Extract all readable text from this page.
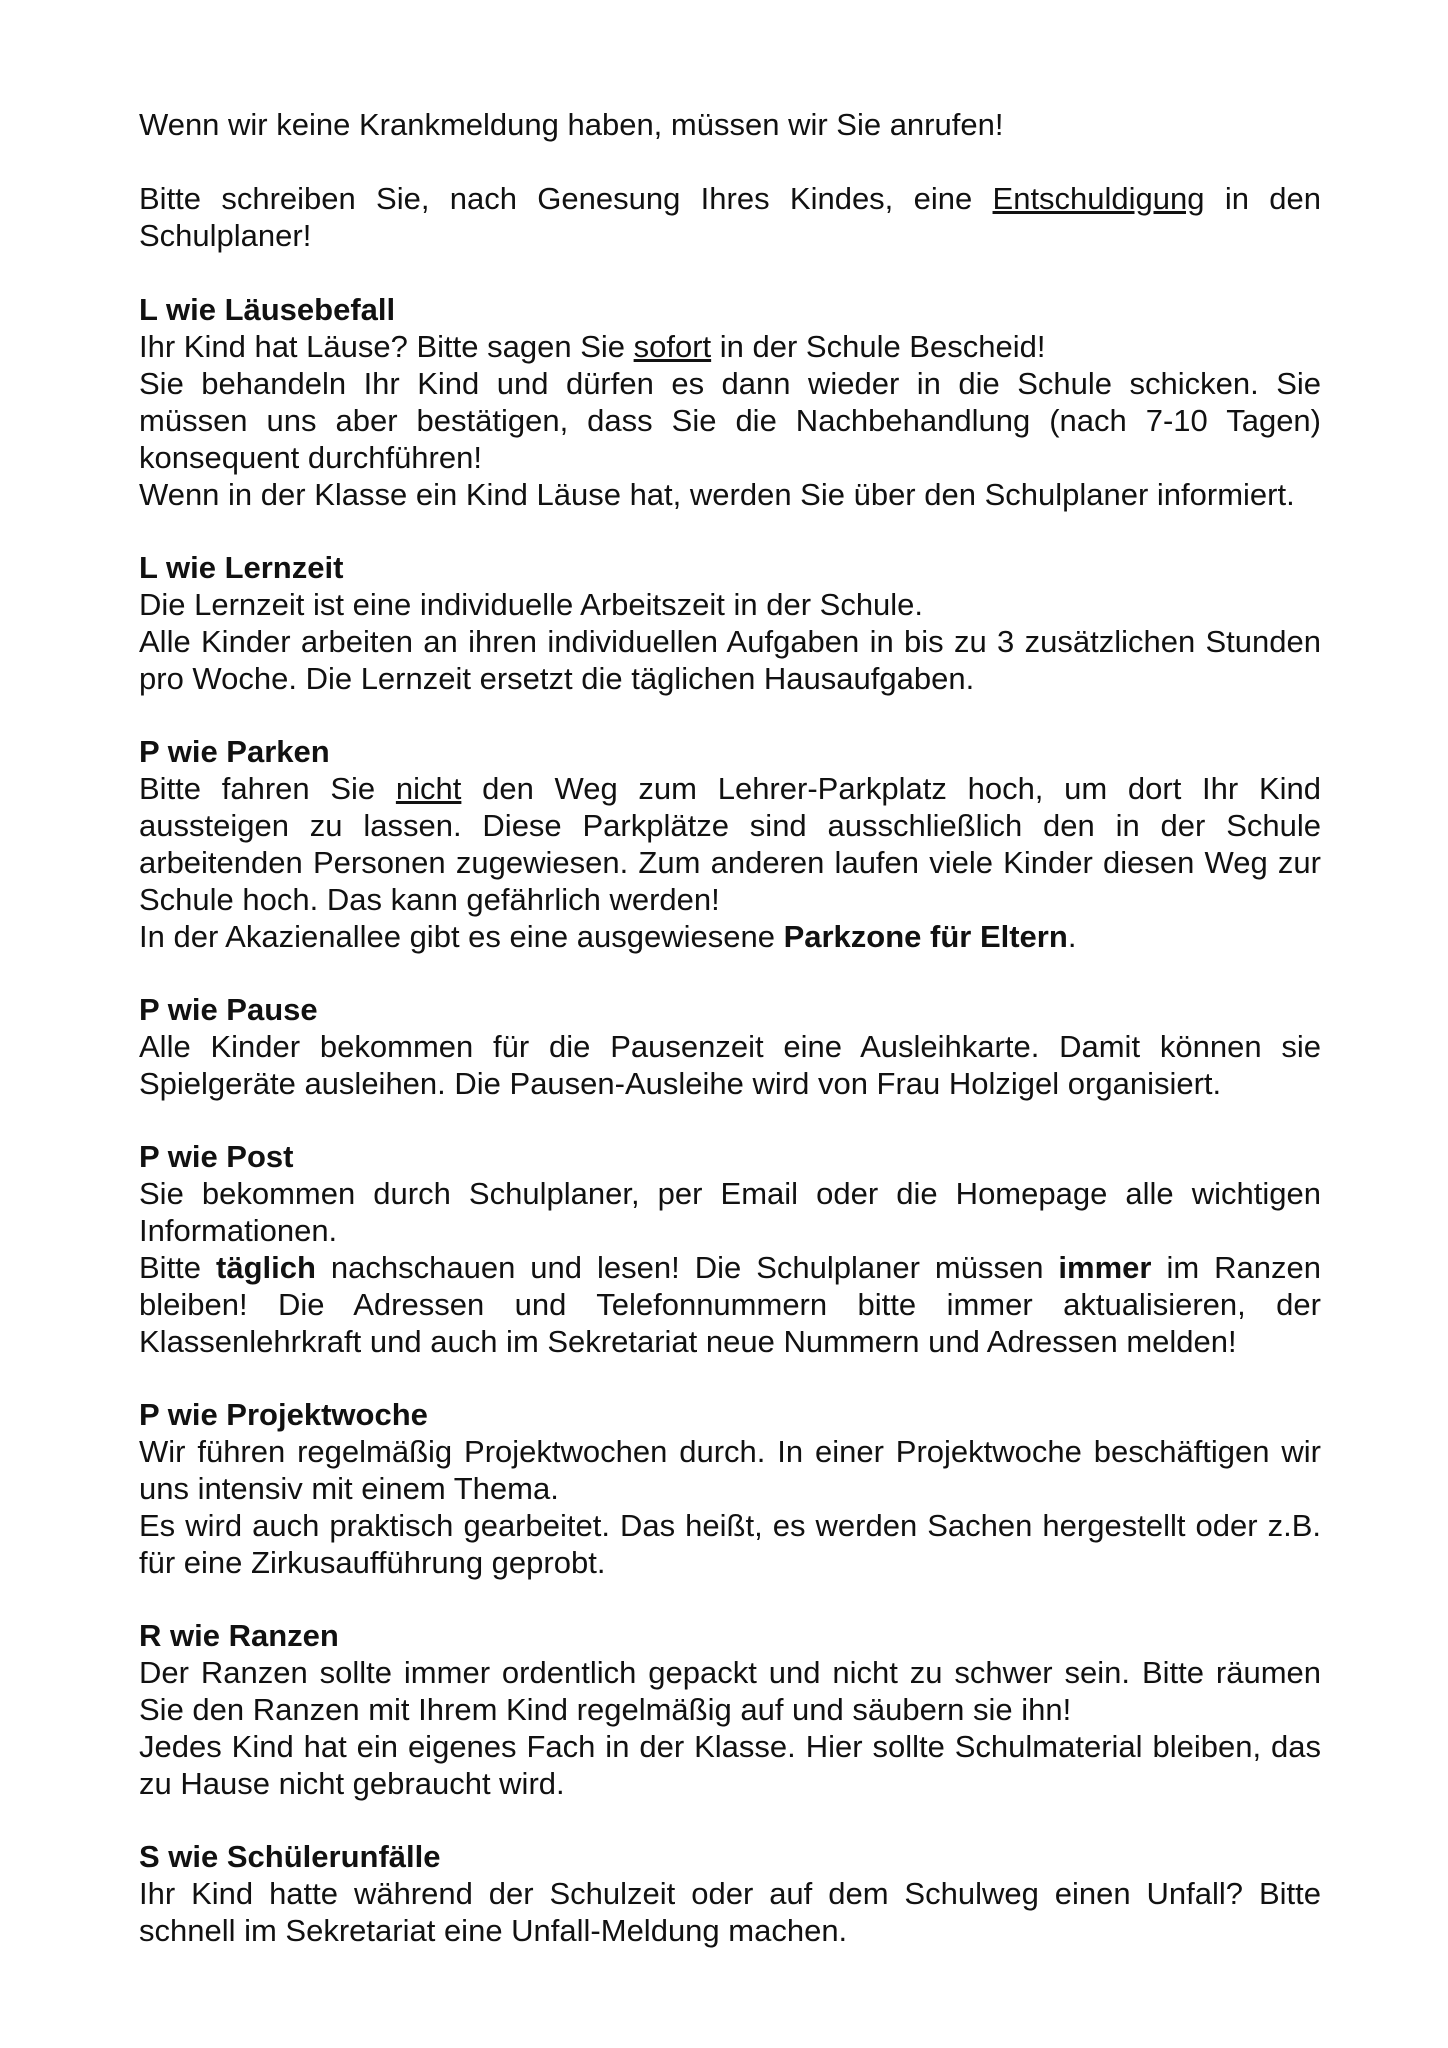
Wenn wir keine Krankmeldung haben, müssen wir Sie anrufen!

Bitte schreiben Sie, nach Genesung Ihres Kindes, eine Entschuldigung in den Schulplaner!

L wie Läusebefall

Ihr Kind hat Läuse? Bitte sagen Sie sofort in der Schule Bescheid!

Sie behandeln Ihr Kind und dürfen es dann wieder in die Schule schicken. Sie müssen uns aber bestätigen, dass Sie die Nachbehandlung (nach 7-10 Tagen) konsequent durchführen!

Wenn in der Klasse ein Kind Läuse hat, werden Sie über den Schulplaner informiert.

L wie Lernzeit

Die Lernzeit ist eine individuelle Arbeitszeit in der Schule.

Alle Kinder arbeiten an ihren individuellen Aufgaben in bis zu 3 zusätzlichen Stunden pro Woche. Die Lernzeit ersetzt die täglichen Hausaufgaben.

P wie Parken

Bitte fahren Sie nicht den Weg zum Lehrer-Parkplatz hoch, um dort Ihr Kind aussteigen zu lassen. Diese Parkplätze sind ausschließlich den in der Schule arbeitenden Personen zugewiesen. Zum anderen laufen viele Kinder diesen Weg zur Schule hoch. Das kann gefährlich werden!

In der Akazienallee gibt es eine ausgewiesene Parkzone für Eltern.

P wie Pause

Alle Kinder bekommen für die Pausenzeit eine Ausleihkarte. Damit können sie Spielgeräte ausleihen. Die Pausen-Ausleihe wird von Frau Holzigel organisiert.

P wie Post

Sie bekommen durch Schulplaner, per Email oder die Homepage alle wichtigen Informationen.

Bitte täglich nachschauen und lesen! Die Schulplaner müssen immer im Ranzen bleiben! Die Adressen und Telefonnummern bitte immer aktualisieren, der Klassenlehrkraft und auch im Sekretariat neue Nummern und Adressen melden!

P wie Projektwoche

Wir führen regelmäßig Projektwochen durch. In einer Projektwoche beschäftigen wir uns intensiv mit einem Thema.

Es wird auch praktisch gearbeitet. Das heißt, es werden Sachen hergestellt oder z.B. für eine Zirkusaufführung geprobt.

R wie Ranzen

Der Ranzen sollte immer ordentlich gepackt und nicht zu schwer sein. Bitte räumen Sie den Ranzen mit Ihrem Kind regelmäßig auf und säubern sie ihn!

Jedes Kind hat ein eigenes Fach in der Klasse. Hier sollte Schulmaterial bleiben, das zu Hause nicht gebraucht wird.

S wie Schülerunfälle

Ihr Kind hatte während der Schulzeit oder auf dem Schulweg einen Unfall? Bitte schnell im Sekretariat eine Unfall-Meldung machen.
